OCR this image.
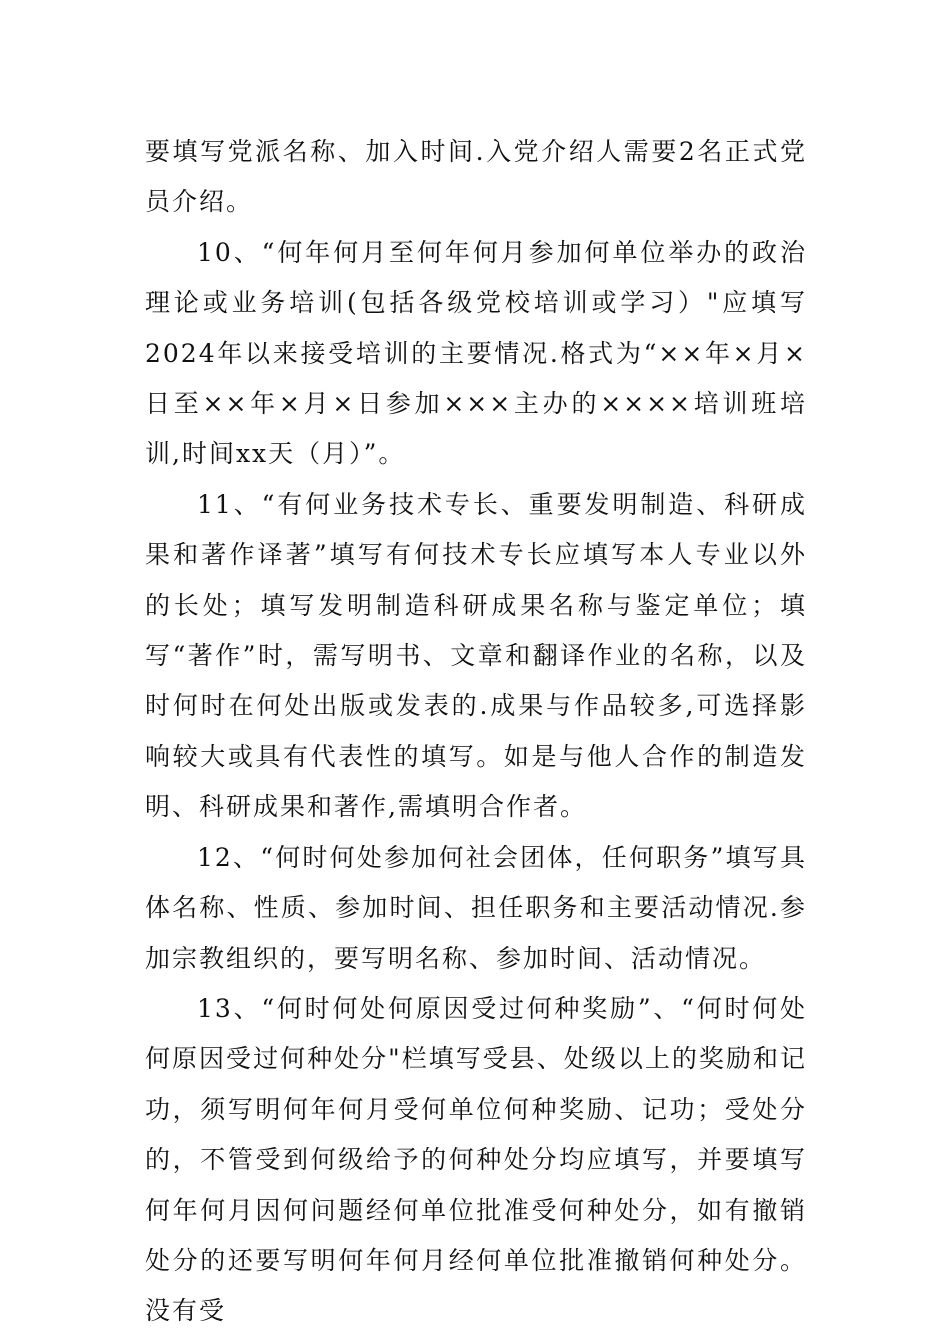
要填写党派名称、加入时间.入党介绍人需要2名正式党员介绍。

10、“何年何月至何年何月参加何单位举办的政治理论或业务培训(包括各级党校培训或学习）"应填写2024年以来接受培训的主要情况.格式为“××年×月×日至××年×月×日参加×××主办的××××培训班培训,时间xx天（月）”。

11、“有何业务技术专长、重要发明制造、科研成果和著作译著”填写有何技术专长应填写本人专业以外的长处；填写发明制造科研成果名称与鉴定单位；填写“著作”时，需写明书、文章和翻译作业的名称，以及时何时在何处出版或发表的.成果与作品较多,可选择影响较大或具有代表性的填写。如是与他人合作的制造发明、科研成果和著作,需填明合作者。

12、“何时何处参加何社会团体，任何职务”填写具体名称、性质、参加时间、担任职务和主要活动情况.参加宗教组织的，要写明名称、参加时间、活动情况。

13、“何时何处何原因受过何种奖励”、“何时何处何原因受过何种处分"栏填写受县、处级以上的奖励和记功，须写明何年何月受何单位何种奖励、记功；受处分的，不管受到何级给予的何种处分均应填写，并要填写何年何月因何问题经何单位批准受何种处分，如有撤销处分的还要写明何年何月经何单位批准撤销何种处分。没有受
